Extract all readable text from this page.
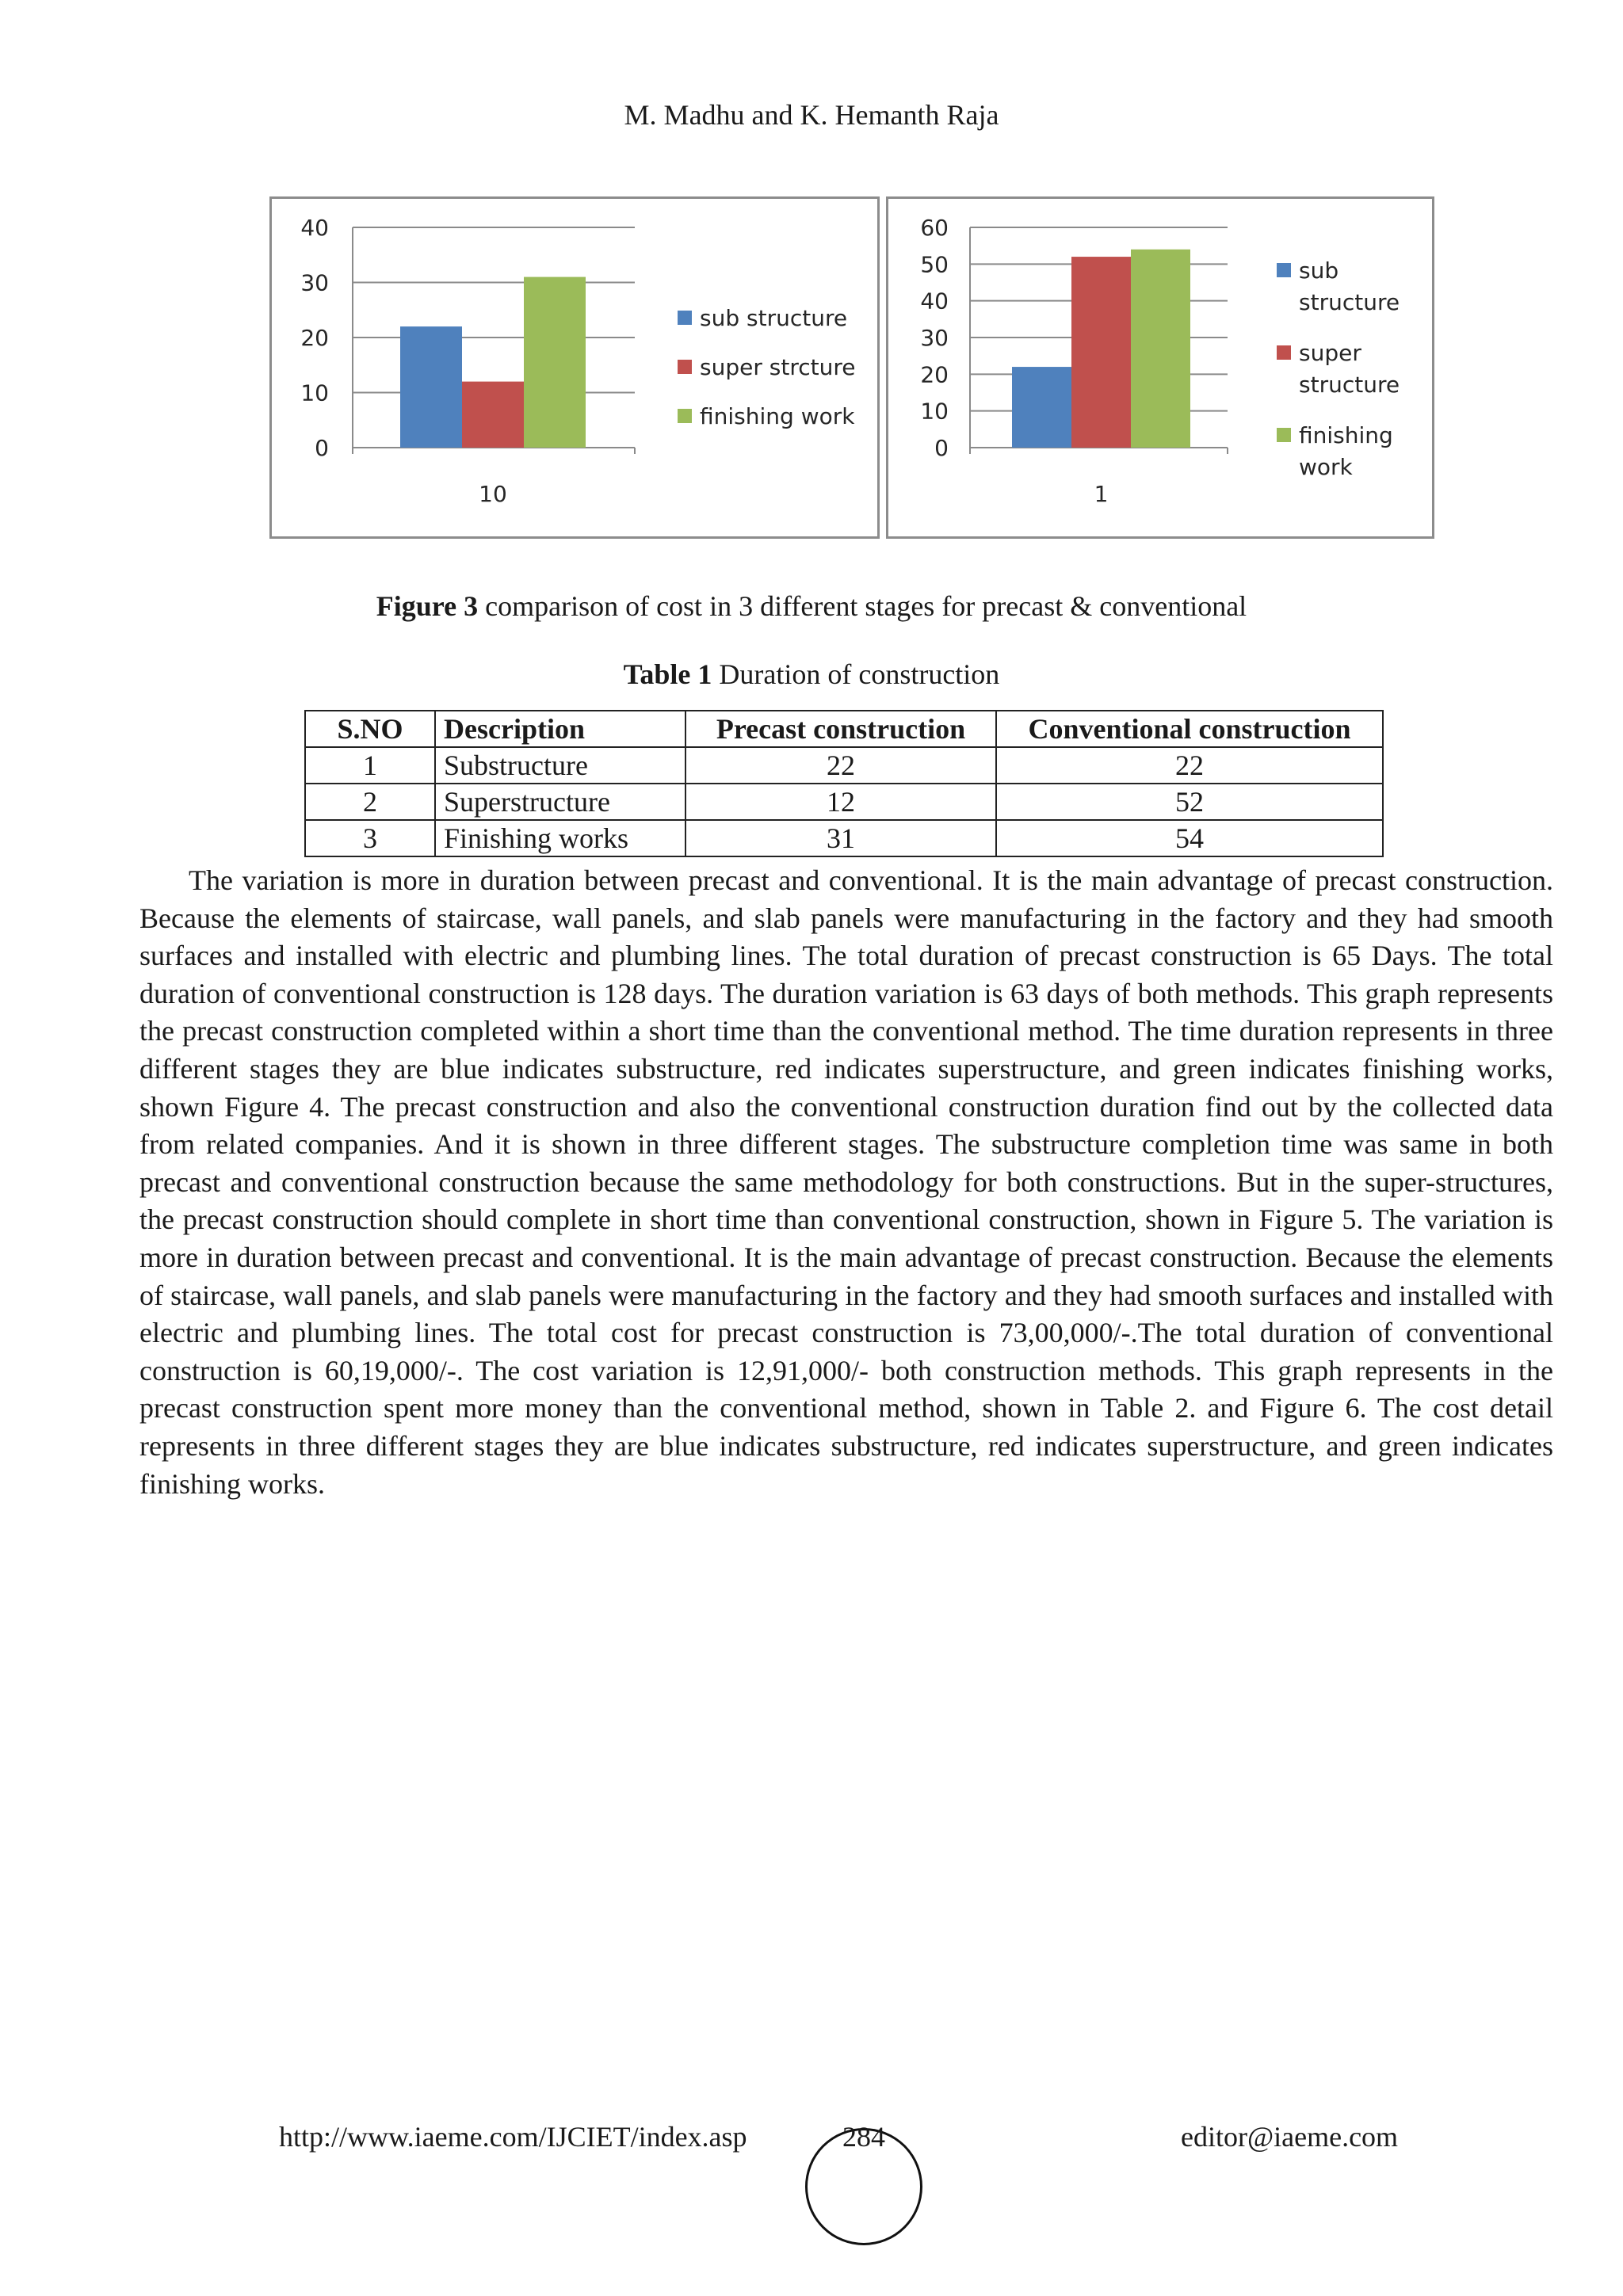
M. Madhu and K. Hemanth Raja
0
10
20
30
40
10
sub structure
super strcture
finishing work
0
10
20
30
40
50
60
1
sub
structure
super
structure
finishing
work
Figure 3 comparison of cost in 3 different stages for precast & conventional
Table 1 Duration of construction
S.NO	Description	Precast construction	Conventional construction
1	Substructure	22	22
2	Superstructure	12	52
3	Finishing works	31	54

The variation is more in duration between precast and conventional. It is the main advantage of precast construction. Because the elements of staircase, wall panels, and slab panels were manufacturing in the factory and they had smooth surfaces and installed with electric and plumbing lines. The total duration of precast construction is 65 Days. The total duration of conventional construction is 128 days. The duration variation is 63 days of both methods. This graph represents the precast construction completed within a short time than the conventional method. The time duration represents in three different stages they are blue indicates substructure, red indicates superstructure, and green indicates finishing works, shown Figure 4. The precast construction and also the conventional construction duration find out by the collected data from related companies. And it is shown in three different stages. The substructure completion time was same in both precast and conventional construction because the same methodology for both constructions. But in the super-structures, the precast construction should complete in short time than conventional construction, shown in Figure 5. The variation is more in duration between precast and conventional. It is the main advantage of precast construction. Because the elements of staircase, wall panels, and slab panels were manufacturing in the factory and they had smooth surfaces and installed with electric and plumbing lines. The total cost for precast construction is 73,00,000/-.The total duration of conventional construction is 60,19,000/-. The cost variation is 12,91,000/- both construction methods. This graph represents in the precast construction spent more money than the conventional method, shown in Table 2. and Figure 6. The cost detail represents in three different stages they are blue indicates substructure, red indicates superstructure, and green indicates finishing works.

http://www.iaeme.com/IJCIET/index.asp	284	editor@iaeme.com
